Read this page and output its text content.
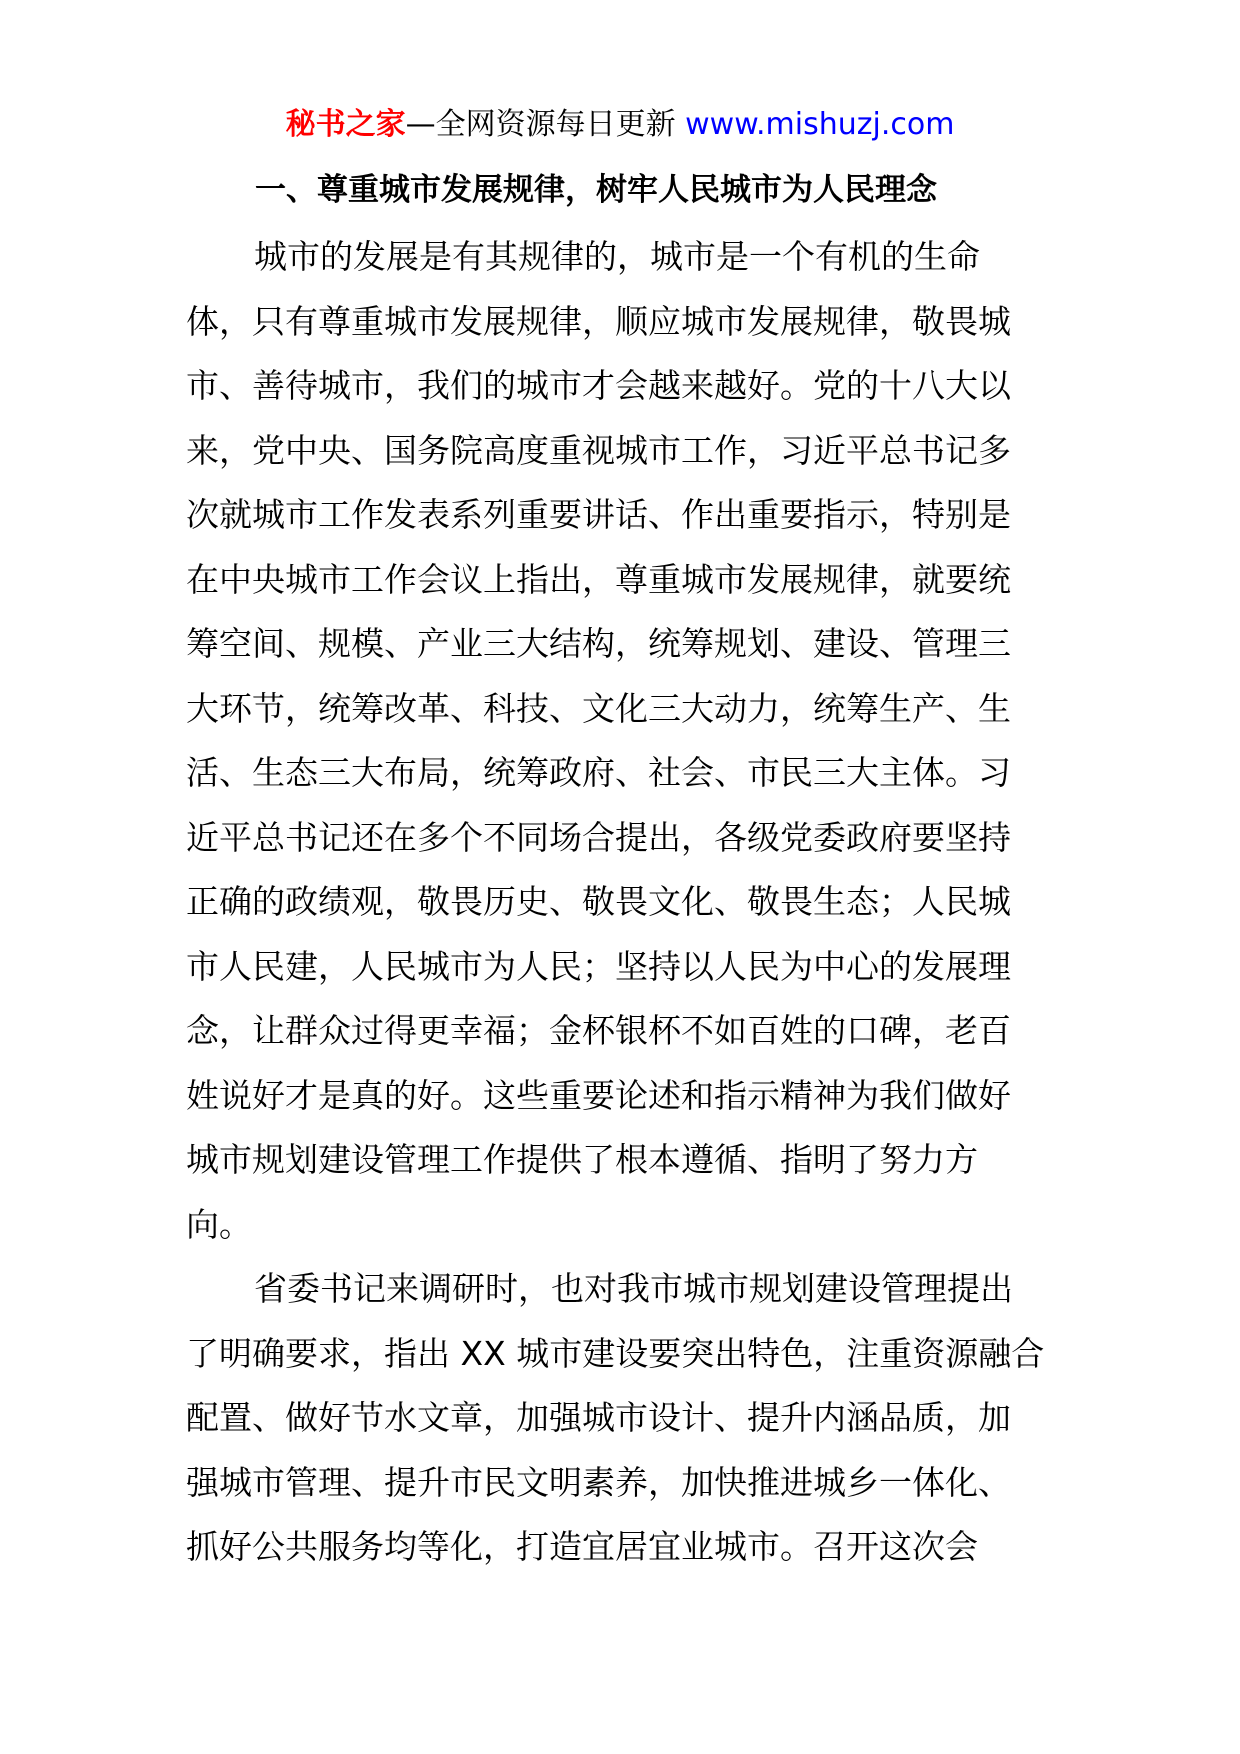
秘书之家—全网资源每日更新 www.mishuzj.com
一、尊重城市发展规律，树牢人民城市为人民理念
城市的发展是有其规律的，城市是一个有机的生命
体，只有尊重城市发展规律，顺应城市发展规律，敬畏城
市、善待城市，我们的城市才会越来越好。党的十八大以
来，党中央、国务院高度重视城市工作，习近平总书记多
次就城市工作发表系列重要讲话、作出重要指示，特别是
在中央城市工作会议上指出，尊重城市发展规律，就要统
筹空间、规模、产业三大结构，统筹规划、建设、管理三
大环节，统筹改革、科技、文化三大动力，统筹生产、生
活、生态三大布局，统筹政府、社会、市民三大主体。习
近平总书记还在多个不同场合提出，各级党委政府要坚持
正确的政绩观，敬畏历史、敬畏文化、敬畏生态；人民城
市人民建，人民城市为人民；坚持以人民为中心的发展理
念，让群众过得更幸福；金杯银杯不如百姓的口碑，老百
姓说好才是真的好。这些重要论述和指示精神为我们做好
城市规划建设管理工作提供了根本遵循、指明了努力方
向。
省委书记来调研时，也对我市城市规划建设管理提出
了明确要求，指出 XX 城市建设要突出特色，注重资源融合
配置、做好节水文章，加强城市设计、提升内涵品质，加
强城市管理、提升市民文明素养，加快推进城乡一体化、
抓好公共服务均等化，打造宜居宜业城市。召开这次会
